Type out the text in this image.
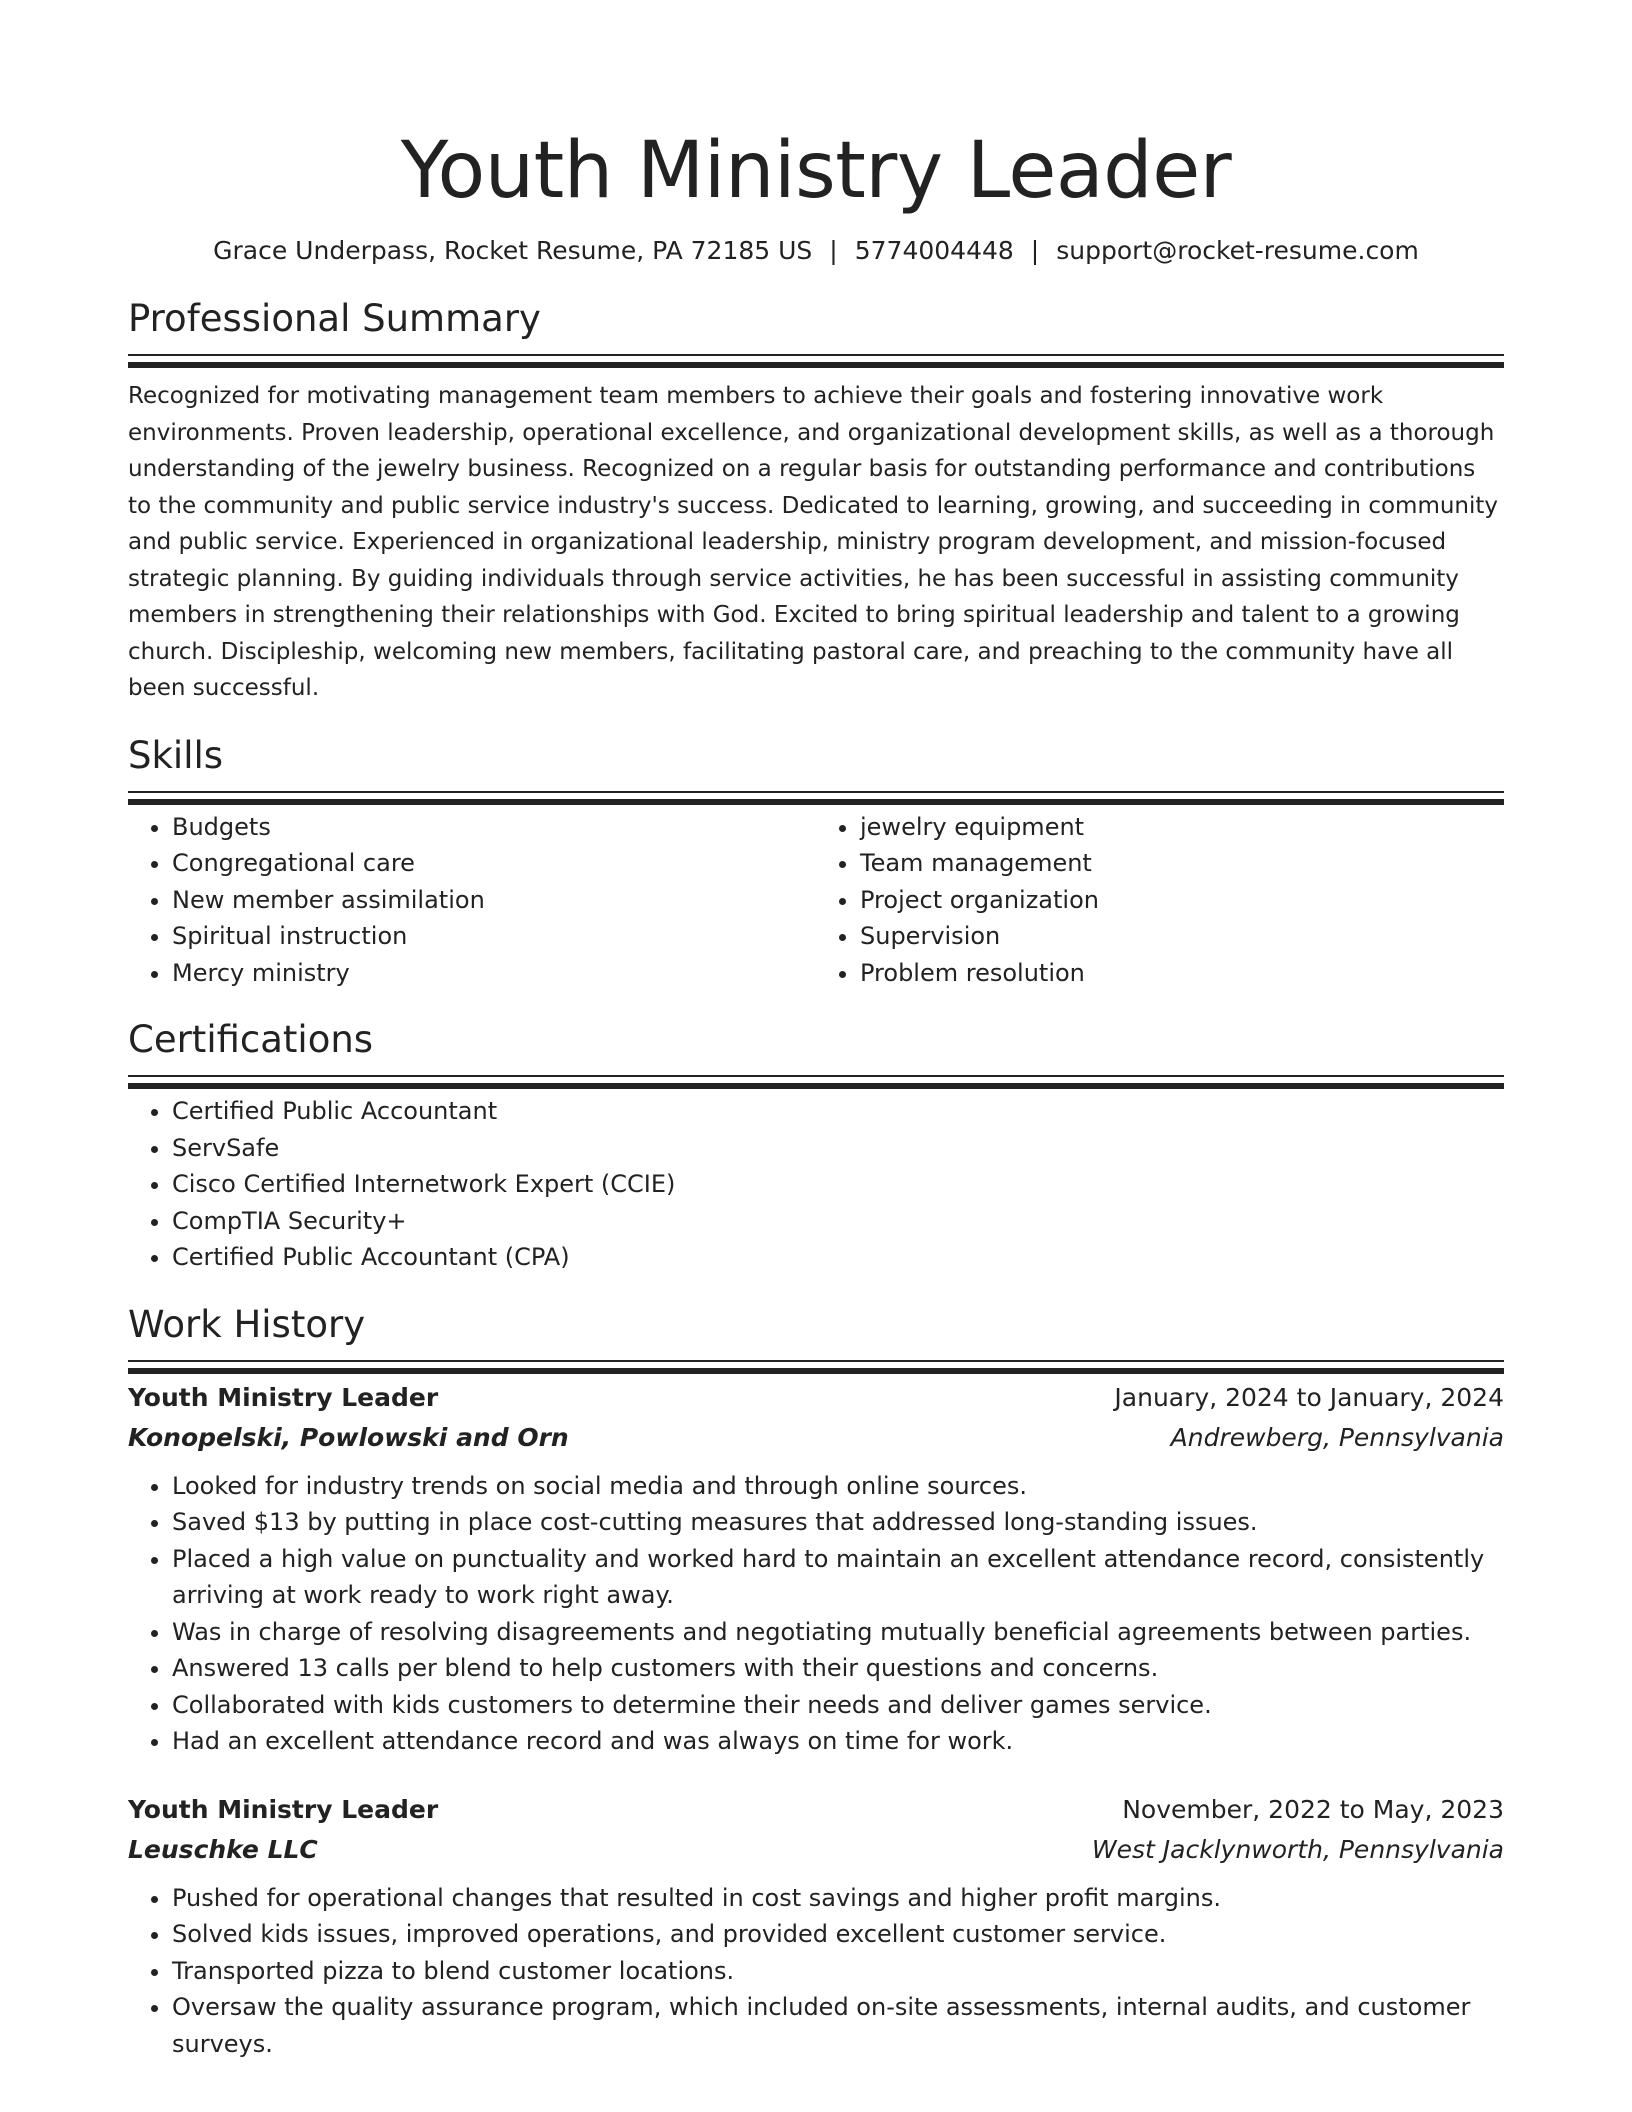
Youth Ministry Leader
Grace Underpass, Rocket Resume, PA 72185 US | 5774004448 | support@rocket-resume.com
Professional Summary

Recognized for motivating management team members to achieve their goals and fostering innovative work environments. Proven leadership, operational excellence, and organizational development skills, as well as a thorough understanding of the jewelry business. Recognized on a regular basis for outstanding performance and contributions to the community and public service industry's success. Dedicated to learning, growing, and succeeding in community and public service. Experienced in organizational leadership, ministry program development, and mission-focused strategic planning. By guiding individuals through service activities, he has been successful in assisting community members in strengthening their relationships with God. Excited to bring spiritual leadership and talent to a growing church. Discipleship, welcoming new members, facilitating pastoral care, and preaching to the community have all been successful.

Skills
• Budgets
• Congregational care
• New member assimilation
• Spiritual instruction
• Mercy ministry
• jewelry equipment
• Team management
• Project organization
• Supervision
• Problem resolution
Certifications
• Certified Public Accountant
• ServSafe
• Cisco Certified Internetwork Expert (CCIE)
• CompTIA Security+
• Certified Public Accountant (CPA)
Work History
Youth Ministry Leader	January, 2024 to January, 2024
Konopelski, Powlowski and Orn	Andrewberg, Pennsylvania
• Looked for industry trends on social media and through online sources.
• Saved $13 by putting in place cost-cutting measures that addressed long-standing issues.
• Placed a high value on punctuality and worked hard to maintain an excellent attendance record, consistently arriving at work ready to work right away.
• Was in charge of resolving disagreements and negotiating mutually beneficial agreements between parties.
• Answered 13 calls per blend to help customers with their questions and concerns.
• Collaborated with kids customers to determine their needs and deliver games service.
• Had an excellent attendance record and was always on time for work.
Youth Ministry Leader	November, 2022 to May, 2023
Leuschke LLC	West Jacklynworth, Pennsylvania
• Pushed for operational changes that resulted in cost savings and higher profit margins.
• Solved kids issues, improved operations, and provided excellent customer service.
• Transported pizza to blend customer locations.
• Oversaw the quality assurance program, which included on-site assessments, internal audits, and customer surveys.
